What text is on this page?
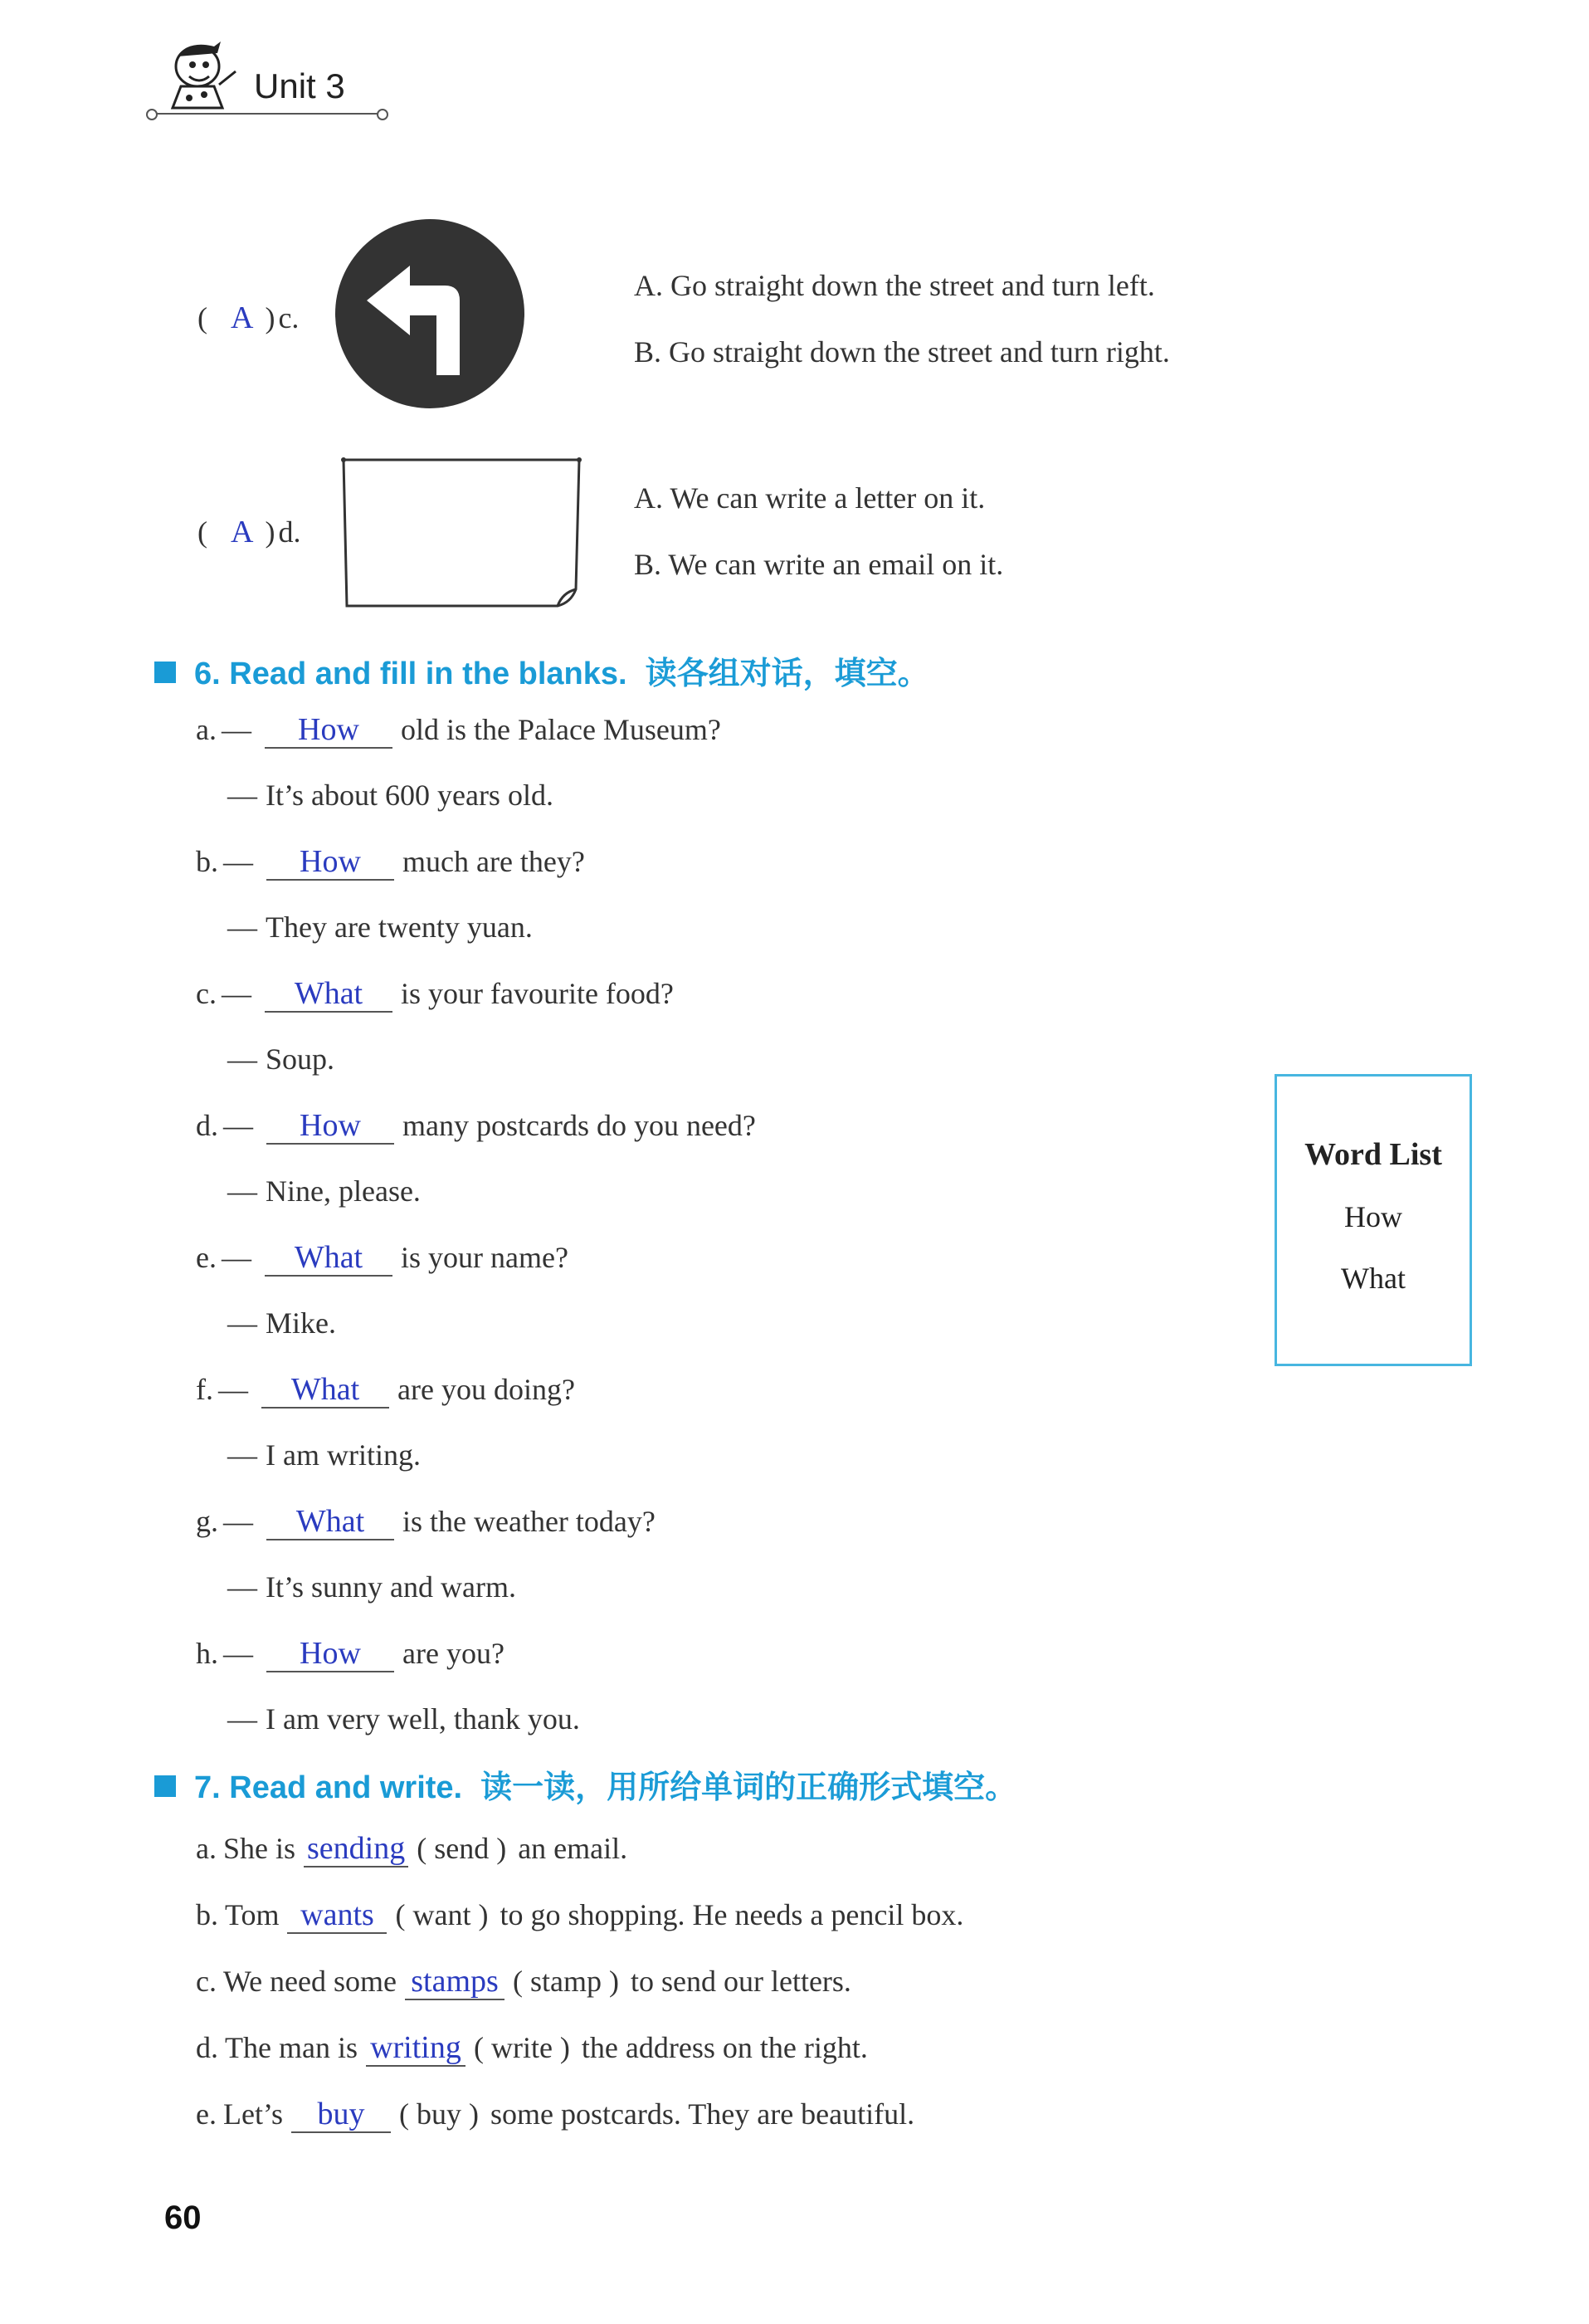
Unit 3
( A )c.
A. Go straight down the street and turn left.
B. Go straight down the street and turn right.
( A )d.
A. We can write a letter on it.
B. We can write an email on it.
6. Read and fill in the blanks. 读各组对话，填空。
a. — How old is the Palace Museum?
— It’s about 600 years old.
b. — How much are they?
— They are twenty yuan.
c. — What is your favourite food?
— Soup.
d. — How many postcards do you need?
— Nine, please.
e. — What is your name?
— Mike.
f. — What are you doing?
— I am writing.
g. — What is the weather today?
— It’s sunny and warm.
h. — How are you?
— I am very well, thank you.
Word List
How
What
7. Read and write. 读一读，用所给单词的正确形式填空。
a. She is sending ( send ) an email.
b. Tom wants ( want ) to go shopping. He needs a pencil box.
c. We need some stamps ( stamp ) to send our letters.
d. The man is writing ( write ) the address on the right.
e. Let’s buy ( buy ) some postcards. They are beautiful.
60
